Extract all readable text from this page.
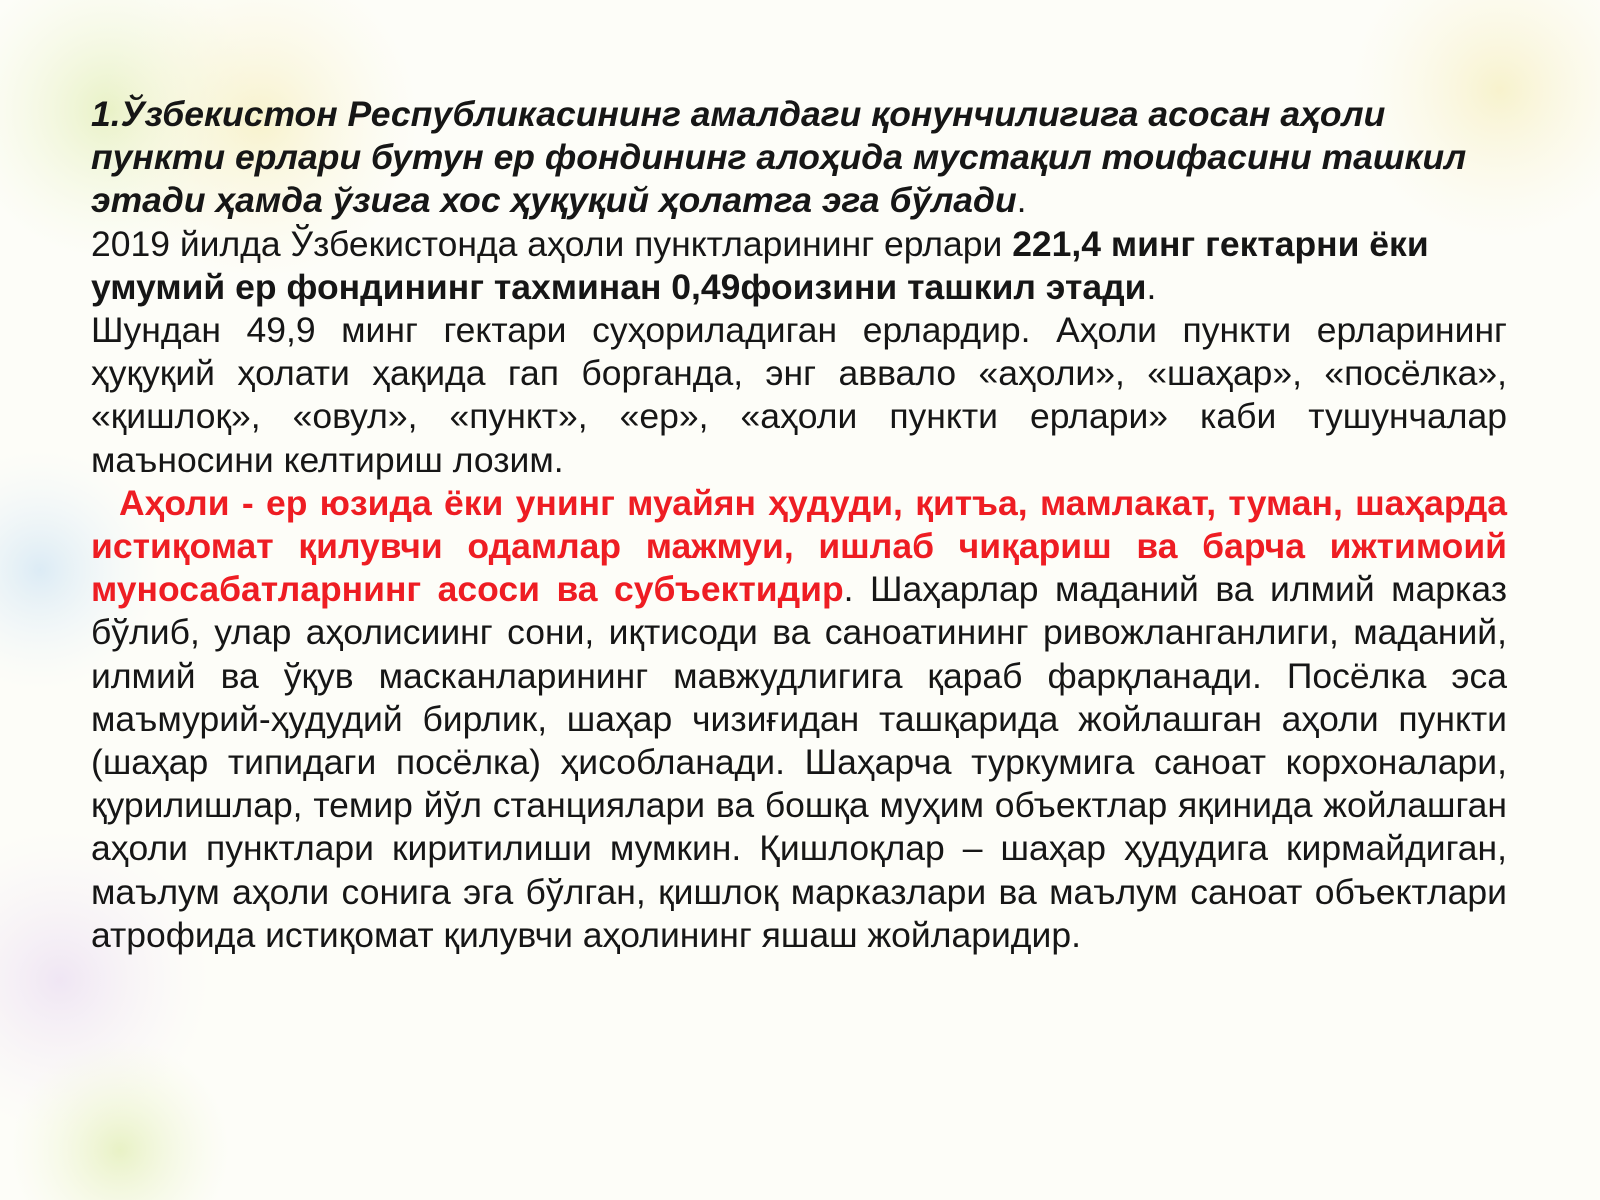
1.Ўзбекистон Республикасининг амалдаги қонунчилигига асосан аҳоли пункти ерлари бутун ер фондининг алоҳида мустақил тоифасини ташкил этади ҳамда ўзига хос ҳуқуқий ҳолатга эга бўлади.

2019 йилда Ўзбекистонда аҳоли пунктларининг ерлари 221,4 минг гектарни ёки умумий ер фондининг тахминан 0,49фоизини ташкил этади.

Шундан 49,9 минг гектари суҳориладиган ерлардир. Аҳоли пункти ерларининг ҳуқуқий ҳолати ҳақида гап борганда, энг аввало «аҳоли», «шаҳар», «посёлка», «қишлоқ», «овул», «пункт», «ер», «аҳоли пункти ерлари» каби тушунчалар маъносини келтириш лозим.

Аҳоли - ер юзида ёки унинг муайян ҳудуди, қитъа, мамлакат, туман, шаҳарда истиқомат қилувчи одамлар мажмуи, ишлаб чиқариш ва барча ижтимоий муносабатларнинг асоси ва субъектидир. Шаҳарлар маданий ва илмий марказ бўлиб, улар аҳолисиинг сони, иқтисоди ва саноатининг ривожланганлиги, маданий, илмий ва ўқув масканларининг мавжудлигига қараб фарқланади. Посёлка эса маъмурий-ҳудудий бирлик, шаҳар чизиғидан ташқарида жойлашган аҳоли пункти (шаҳар типидаги посёлка) ҳисобланади. Шаҳарча туркумига саноат корхоналари, қурилишлар, темир йўл станциялари ва бошқа муҳим объектлар яқинида жойлашган аҳоли пунктлари киритилиши мумкин. Қишлоқлар – шаҳар ҳудудига кирмайдиган, маълум аҳоли сонига эга бўлган, қишлоқ марказлари ва маълум саноат объектлари атрофида истиқомат қилувчи аҳолининг яшаш жойларидир.
